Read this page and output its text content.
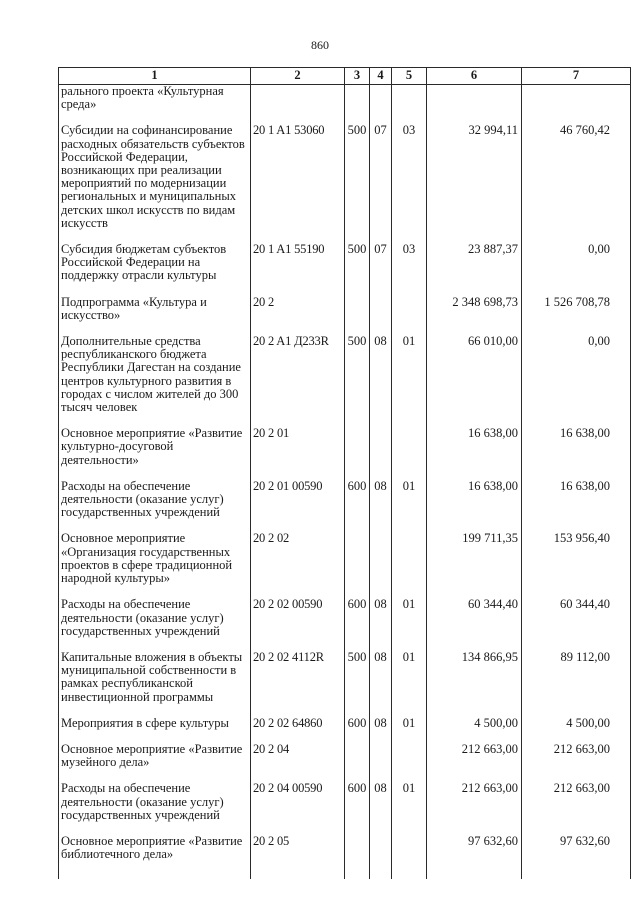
860
1	2	3	4	5	6	7
рального проекта «Культурная среда»						
Субсидии на софинансирование расходных обязательств субъектов Российской Федерации, возникающих при реализации мероприятий по модернизации региональных и муниципальных детских школ искусств по видам искусств	20 1 A1 53060	500	07	03	32 994,11	46 760,42
Субсидия бюджетам субъектов Российской Федерации на поддержку отрасли культуры	20 1 A1 55190	500	07	03	23 887,37	0,00
Подпрограмма «Культура и искусство»	20 2				2 348 698,73	1 526 708,78
Дополнительные средства республиканского бюджета Республики Дагестан на создание центров культурного развития в городах с числом жителей до 300 тысяч человек	20 2 A1 Д233R	500	08	01	66 010,00	0,00
Основное мероприятие «Развитие культурно-досуговой деятельности»	20 2 01				16 638,00	16 638,00
Расходы на обеспечение деятельности (оказание услуг) государственных учреждений	20 2 01 00590	600	08	01	16 638,00	16 638,00
Основное мероприятие «Организация государственных проектов в сфере традиционной народной культуры»	20 2 02				199 711,35	153 956,40
Расходы на обеспечение деятельности (оказание услуг) государственных учреждений	20 2 02 00590	600	08	01	60 344,40	60 344,40
Капитальные вложения в объекты муниципальной собственности в рамках республиканской инвестиционной программы	20 2 02 4112R	500	08	01	134 866,95	89 112,00
Мероприятия в сфере культуры	20 2 02 64860	600	08	01	4 500,00	4 500,00
Основное мероприятие «Развитие музейного дела»	20 2 04				212 663,00	212 663,00
Расходы на обеспечение деятельности (оказание услуг) государственных учреждений	20 2 04 00590	600	08	01	212 663,00	212 663,00
Основное мероприятие «Развитие библиотечного дела»	20 2 05				97 632,60	97 632,60
